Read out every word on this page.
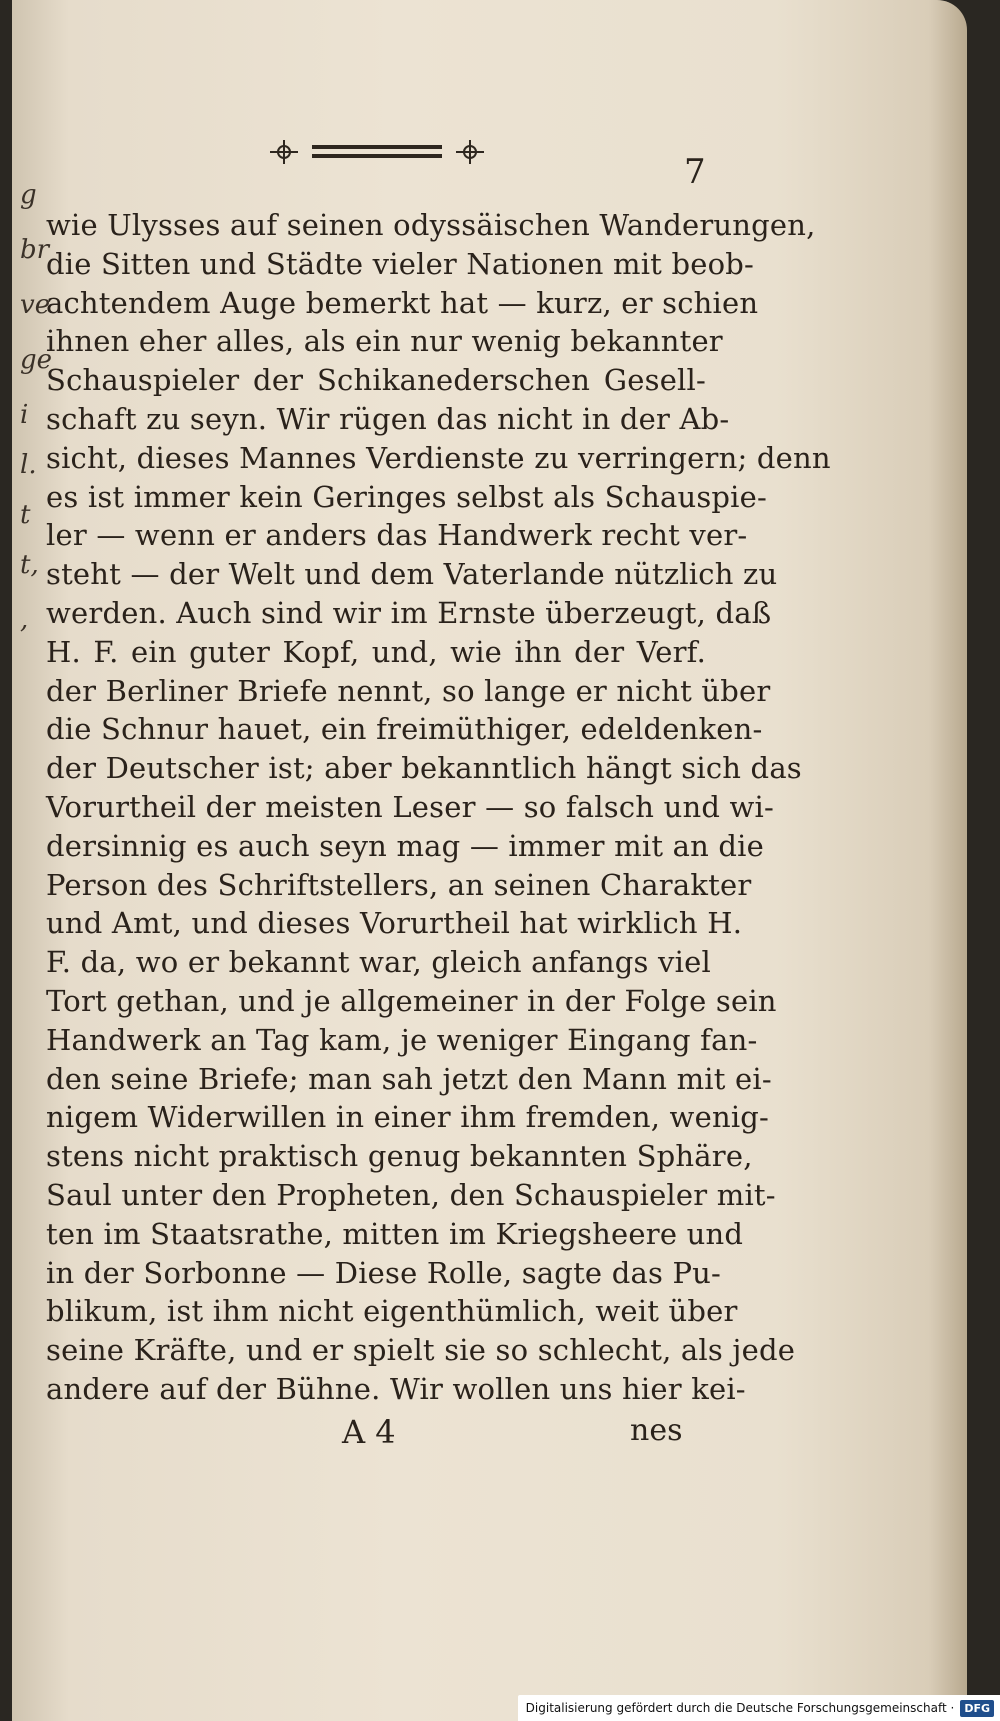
g
br
ve
ge
i
l.
t
t,
,
7
wie Ulysses auf seinen odyssäischen Wanderungen,
die Sitten und Städte vieler Nationen mit beob-
achtendem Auge bemerkt hat — kurz, er schien
ihnen eher alles, als ein nur wenig bekannter
Schauspieler der Schikanederschen Gesell-
schaft zu seyn. Wir rügen das nicht in der Ab-
sicht, dieses Mannes Verdienste zu verringern; denn
es ist immer kein Geringes selbst als Schauspie-
ler — wenn er anders das Handwerk recht ver-
steht — der Welt und dem Vaterlande nützlich zu
werden. Auch sind wir im Ernste überzeugt, daß
H. F. ein guter Kopf, und, wie ihn der Verf.
der Berliner Briefe nennt, so lange er nicht über
die Schnur hauet, ein freimüthiger, edeldenken-
der Deutscher ist; aber bekanntlich hängt sich das
Vorurtheil der meisten Leser — so falsch und wi-
dersinnig es auch seyn mag — immer mit an die
Person des Schriftstellers, an seinen Charakter
und Amt, und dieses Vorurtheil hat wirklich H.
F. da, wo er bekannt war, gleich anfangs viel
Tort gethan, und je allgemeiner in der Folge sein
Handwerk an Tag kam, je weniger Eingang fan-
den seine Briefe; man sah jetzt den Mann mit ei-
nigem Widerwillen in einer ihm fremden, wenig-
stens nicht praktisch genug bekannten Sphäre,
Saul unter den Propheten, den Schauspieler mit-
ten im Staatsrathe, mitten im Kriegsheere und
in der Sorbonne — Diese Rolle, sagte das Pu-
blikum, ist ihm nicht eigenthümlich, weit über
seine Kräfte, und er spielt sie so schlecht, als jede
andere auf der Bühne. Wir wollen uns hier kei-
A 4	nes
Digitalisierung gefördert durch die Deutsche Forschungsgemeinschaft · DFG
